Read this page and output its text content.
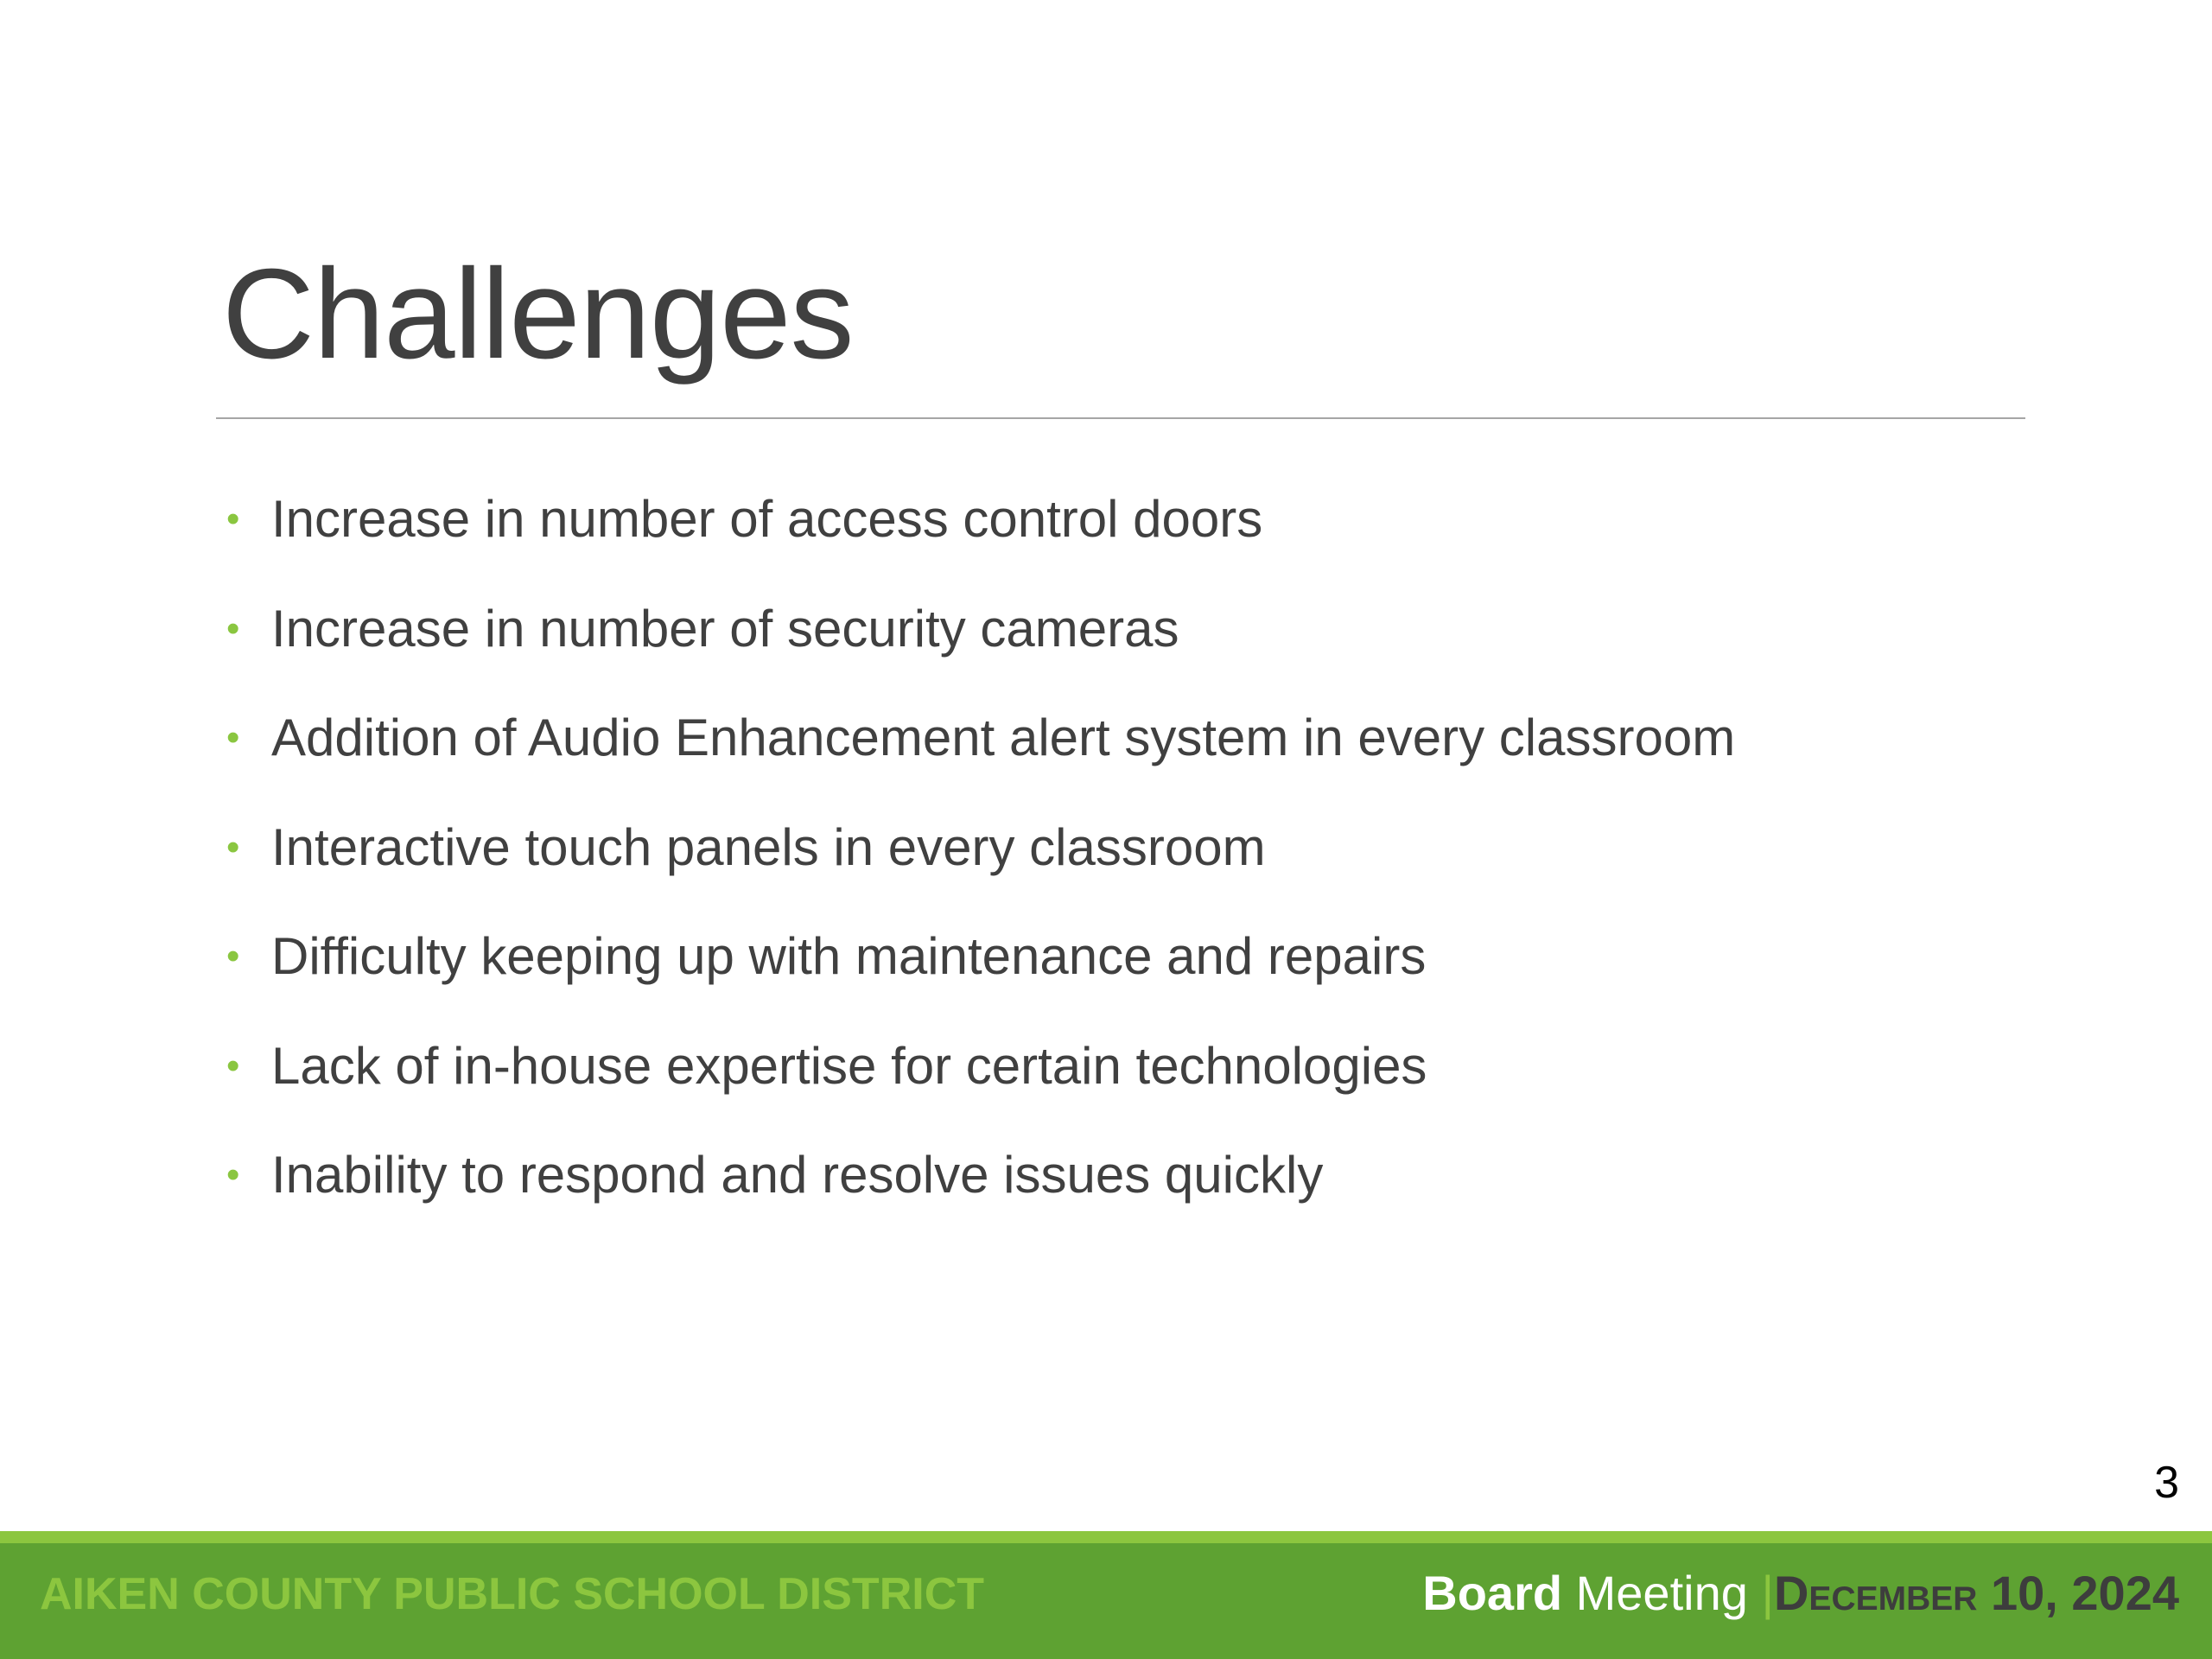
Challenges
• Increase in number of access control doors
• Increase in number of security cameras
• Addition of Audio Enhancement alert system in every classroom
• Interactive touch panels in every classroom
• Difficulty keeping up with maintenance and repairs
• Lack of in-house expertise for certain technologies
• Inability to respond and resolve issues quickly
3
AIKEN COUNTY PUBLIC SCHOOL DISTRICT	Board Meeting |December 10, 2024
